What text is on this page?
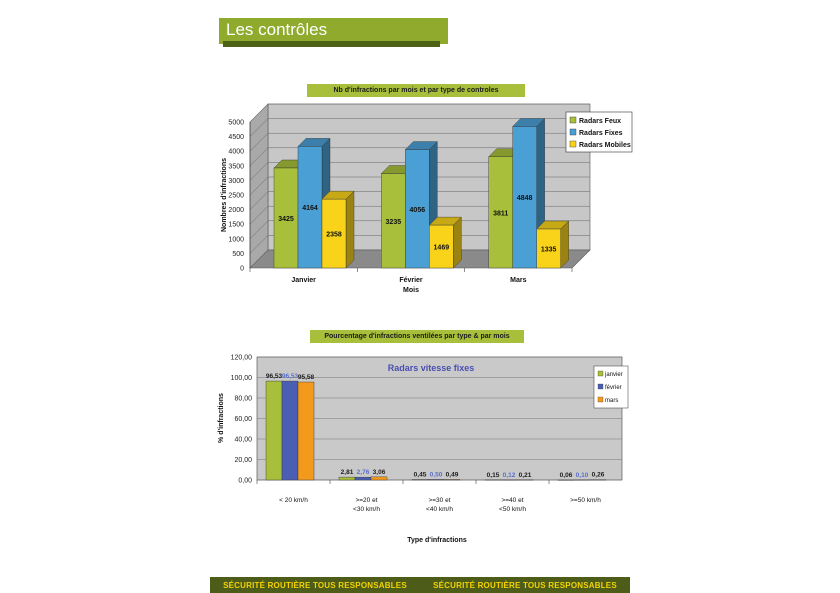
Les contrôles
Nb d'infractions par mois et par type de controles
Pourcentage d'infractions ventilées par type & par mois
0
500
1000
1500
2000
2500
3000
3500
4000
4500
5000
3425
4164
2358
Janvier
3235
4056
1469
Février
3811
4848
1335
Mars
Mois
Nombres d'infractions
Radars Feux
Radars Fixes
Radars Mobiles
0,00
20,00
40,00
60,00
80,00
100,00
120,00
Radars vitesse fixes
96,53 96,53 95,58
< 20 km/h
2,81 2,76 3,06
>=20 et
<30 km/h
0,45 0,50 0,49
>=30 et
<40 km/h
0,15 0,12 0,21
>=40 et
<50 km/h
0,06 0,10 0,26
>=50 km/h
Type d'infractions
% d'infractions
janvier
février
mars
SÉCURITÉ ROUTIÈRE TOUS RESPONSABLES	SÉCURITÉ ROUTIÈRE TOUS RESPONSABLES
